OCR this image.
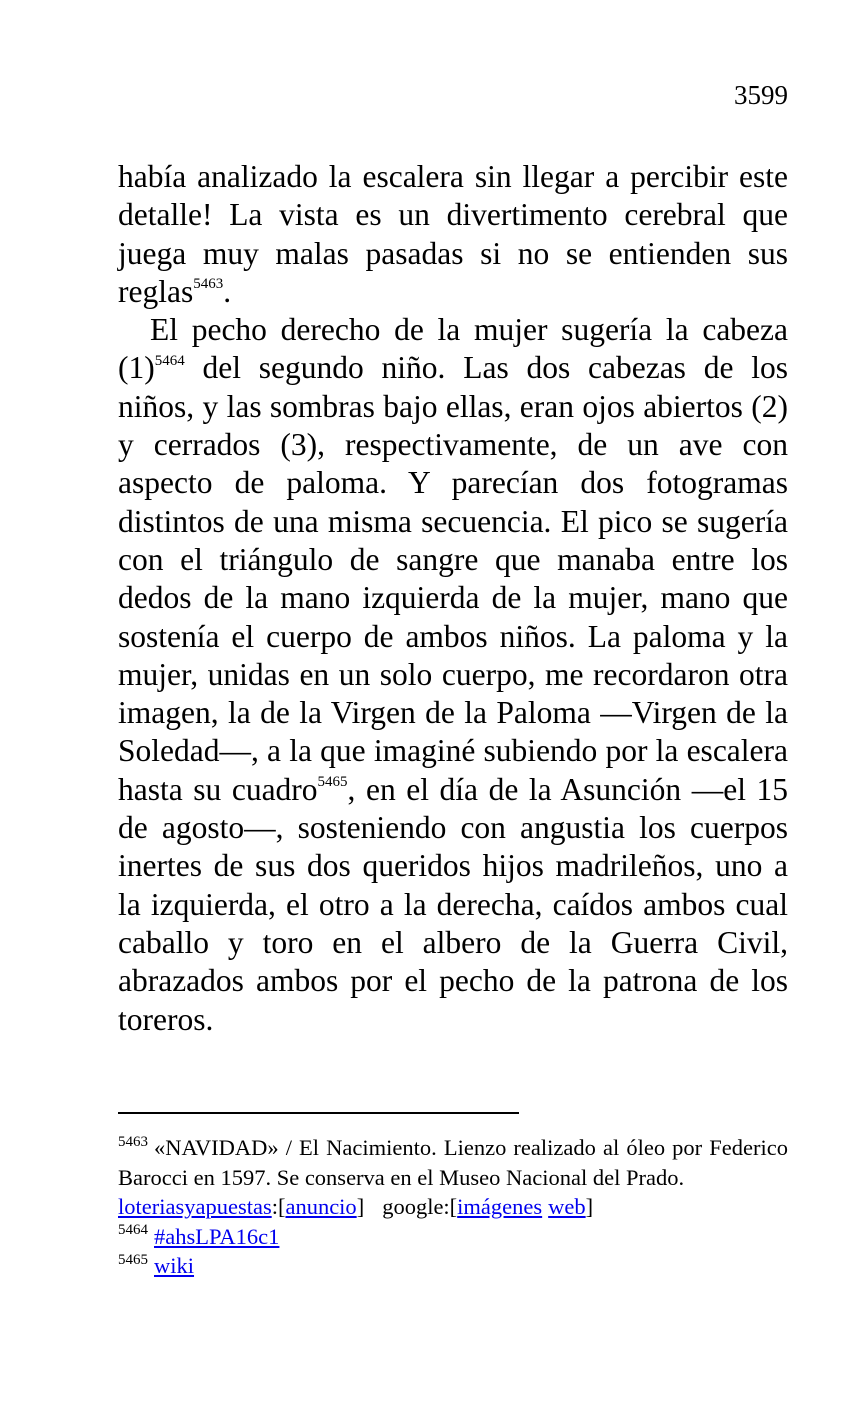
3599

había analizado la escalera sin llegar a percibir este detalle! La vista es un divertimento cerebral que juega muy malas pasadas si no se entienden sus reglas$^{5463}$.

El pecho derecho de la mujer sugería la cabeza (1)$^{5464}$ del segundo niño. Las dos cabezas de los niños, y las sombras bajo ellas, eran ojos abiertos (2) y cerrados (3), respectivamente, de un ave con aspecto de paloma. Y parecían dos fotogramas distintos de una misma secuencia. El pico se sugería con el triángulo de sangre que manaba entre los dedos de la mano izquierda de la mujer, mano que sostenía el cuerpo de ambos niños. La paloma y la mujer, unidas en un solo cuerpo, me recordaron otra imagen, la de la Virgen de la Paloma —Virgen de la Soledad—, a la que imaginé subiendo por la escalera hasta su cuadro$^{5465}$, en el día de la Asunción —el 15 de agosto—, sosteniendo con angustia los cuerpos inertes de sus dos queridos hijos madrileños, uno a la izquierda, el otro a la derecha, caídos ambos cual caballo y toro en el albero de la Guerra Civil, abrazados ambos por el pecho de la patrona de los toreros.

$^{5463}$ «NAVIDAD» / El Nacimiento. Lienzo realizado al óleo por Federico Barocci en 1597. Se conserva en el Museo Nacional del Prado.

loteriasyapuestas:[anuncio] google:[imágenes web]

$^{5464}$ #ahsLPA16c1

$^{5465}$ wiki
